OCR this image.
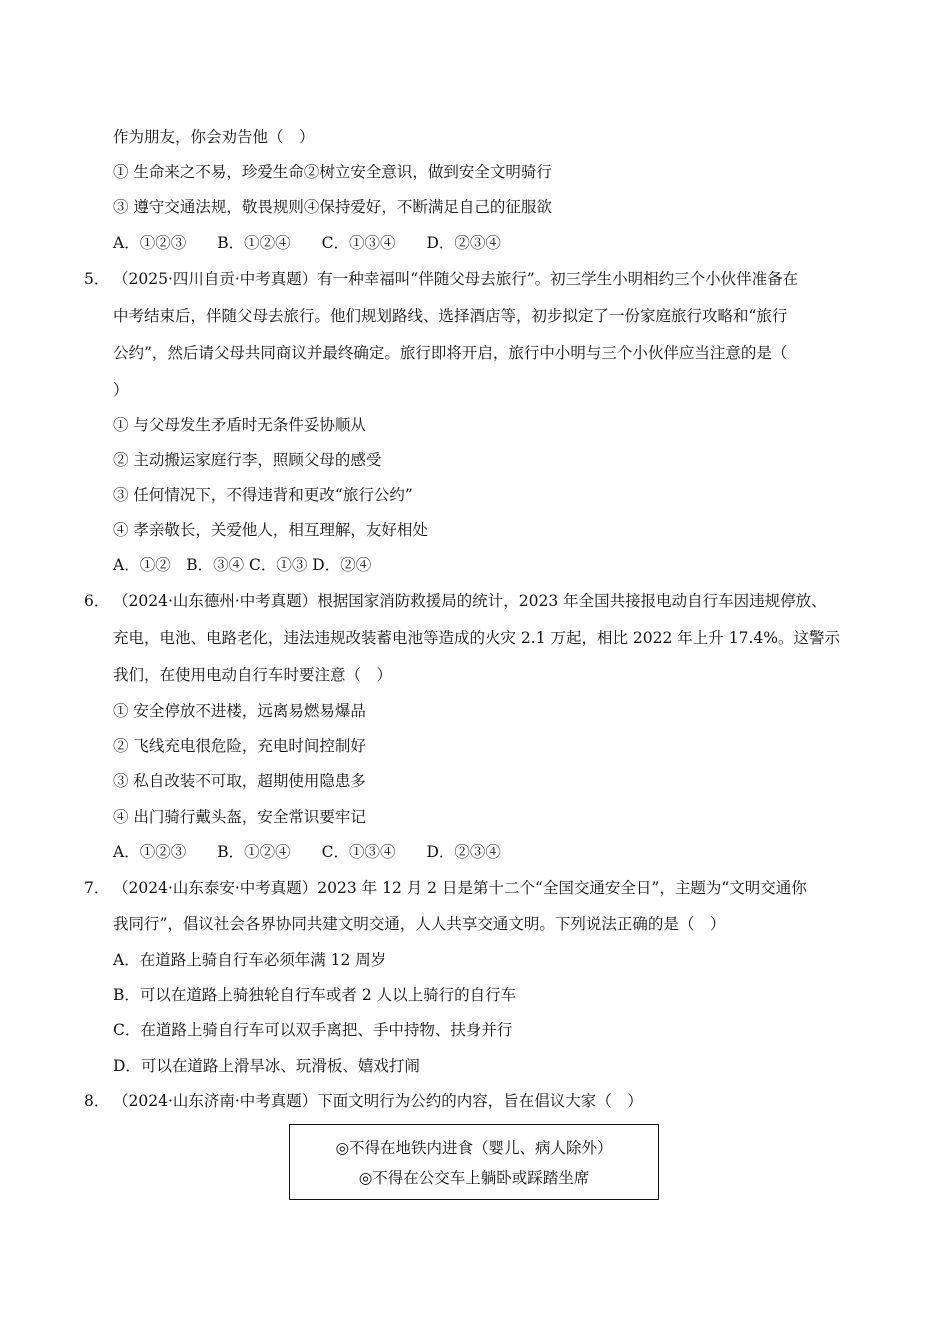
作为朋友，你会劝告他（　）
① 生命来之不易，珍爱生命②树立安全意识，做到安全文明骑行
③ 遵守交通法规，敬畏规则④保持爱好，不断满足自己的征服欲
A．①②③　　B．①②④　　C．①③④　　D．②③④
5． （2025·四川自贡·中考真题）有一种幸福叫“伴随父母去旅行”。初三学生小明相约三个小伙伴准备在
中考结束后，伴随父母去旅行。他们规划路线、选择酒店等，初步拟定了一份家庭旅行攻略和“旅行
公约”，然后请父母共同商议并最终确定。旅行即将开启，旅行中小明与三个小伙伴应当注意的是（
）
① 与父母发生矛盾时无条件妥协顺从
② 主动搬运家庭行李，照顾父母的感受
③ 任何情况下，不得违背和更改“旅行公约”
④ 孝亲敬长，关爱他人，相互理解，友好相处
A．①②　B．③④ C．①③ D．②④
6． （2024·山东德州·中考真题）根据国家消防救援局的统计，2023 年全国共接报电动自行车因违规停放、
充电，电池、电路老化，违法违规改装蓄电池等造成的火灾 2.1 万起，相比 2022 年上升 17.4%。这警示
我们，在使用电动自行车时要注意（　）
① 安全停放不进楼，远离易燃易爆品
② 飞线充电很危险，充电时间控制好
③ 私自改装不可取，超期使用隐患多
④ 出门骑行戴头盔，安全常识要牢记
A．①②③　　B．①②④　　C．①③④　　D．②③④
7． （2024·山东泰安·中考真题）2023 年 12 月 2 日是第十二个“全国交通安全日”，主题为“文明交通你
我同行”，倡议社会各界协同共建文明交通，人人共享交通文明。下列说法正确的是（　）
A．在道路上骑自行车必须年满 12 周岁
B．可以在道路上骑独轮自行车或者 2 人以上骑行的自行车
C．在道路上骑自行车可以双手离把、手中持物、扶身并行
D．可以在道路上滑旱冰、玩滑板、嬉戏打闹
8． （2024·山东济南·中考真题）下面文明行为公约的内容，旨在倡议大家（　）
◎不得在地铁内进食（婴儿、病人除外）
◎不得在公交车上躺卧或踩踏坐席
